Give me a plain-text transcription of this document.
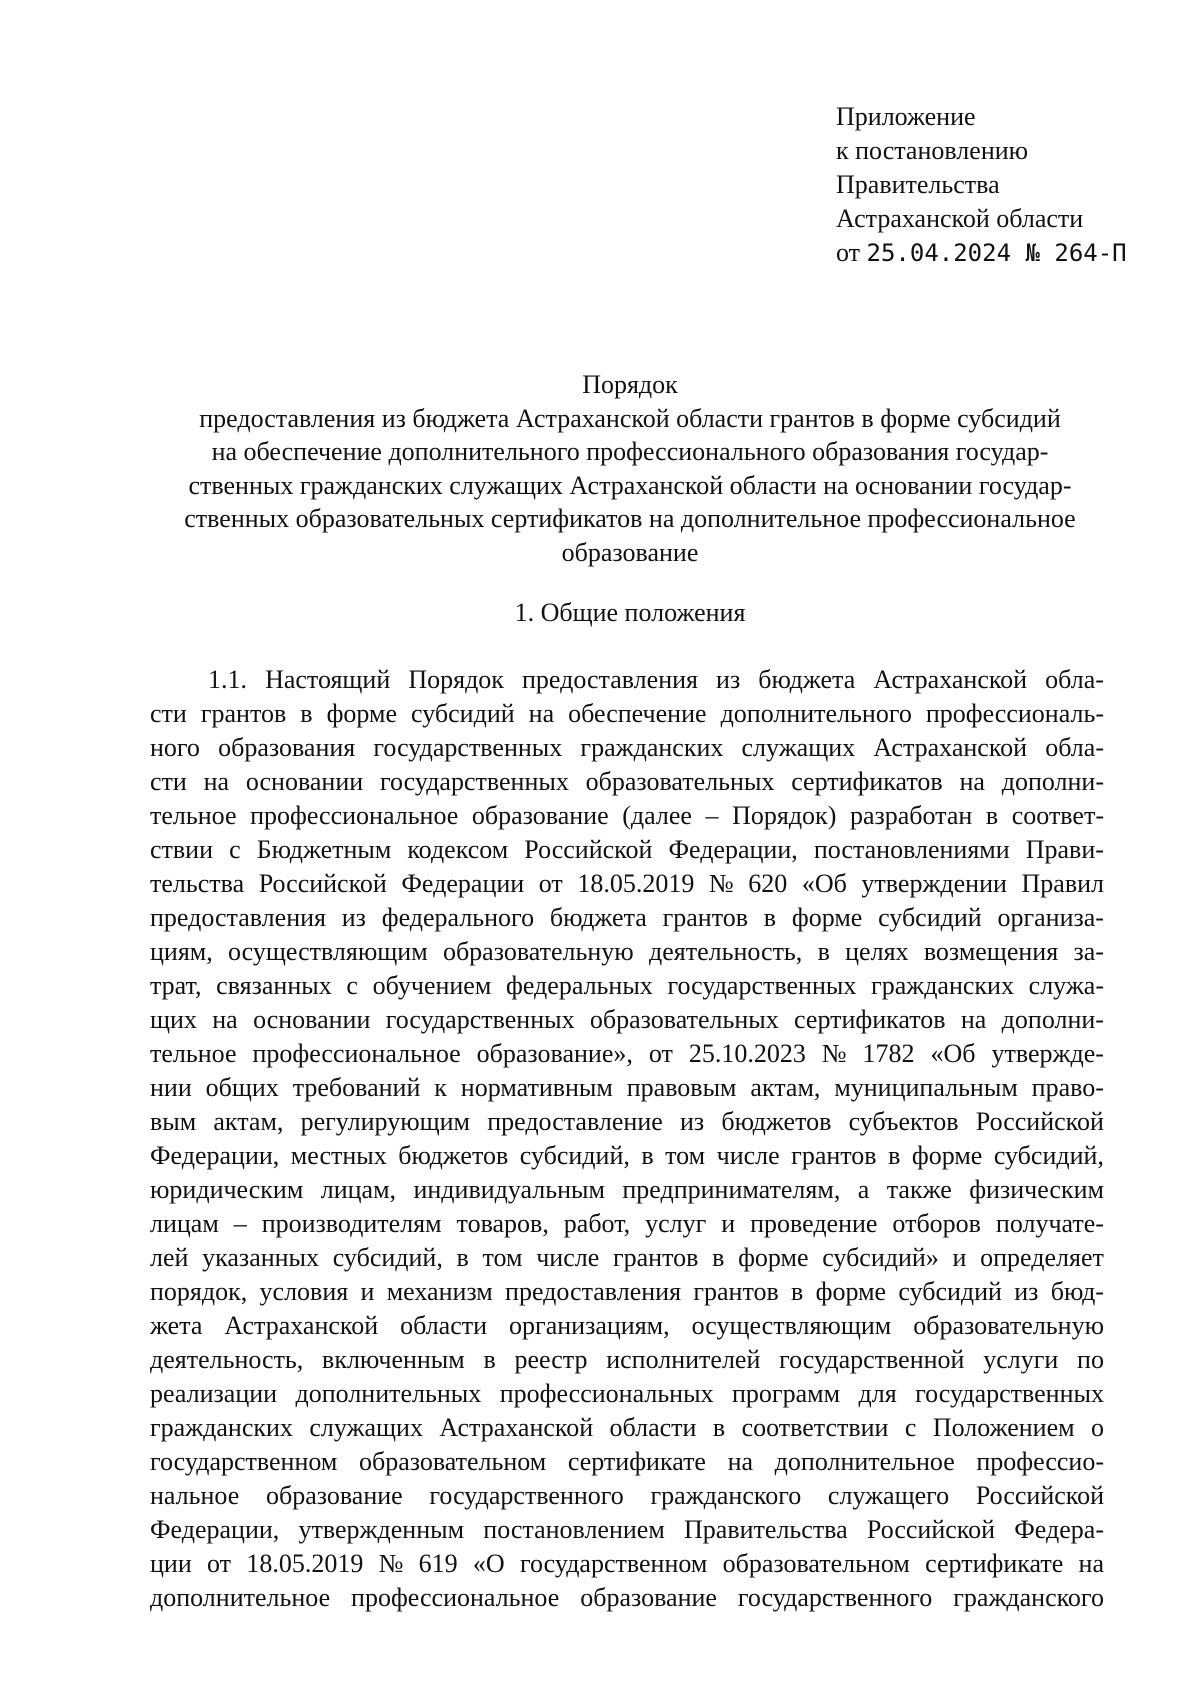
Приложение
к постановлению
Правительства
Астраханской области
от 25.04.2024 № 264-П
Порядок
предоставления из бюджета Астраханской области грантов в форме субсидий
на обеспечение дополнительного профессионального образования государ-
ственных гражданских служащих Астраханской области на основании государ-
ственных образовательных сертификатов на дополнительное профессиональное
образование
1. Общие положения
1.1. Настоящий Порядок предоставления из бюджета Астраханской обла-
сти грантов в форме субсидий на обеспечение дополнительного профессиональ-
ного образования государственных гражданских служащих Астраханской обла-
сти на основании государственных образовательных сертификатов на дополни-
тельное профессиональное образование (далее – Порядок) разработан в соответ-
ствии с Бюджетным кодексом Российской Федерации, постановлениями Прави-
тельства Российской Федерации от 18.05.2019 № 620 «Об утверждении Правил
предоставления из федерального бюджета грантов в форме субсидий организа-
циям, осуществляющим образовательную деятельность, в целях возмещения за-
трат, связанных с обучением федеральных государственных гражданских служа-
щих на основании государственных образовательных сертификатов на дополни-
тельное профессиональное образование», от 25.10.2023 № 1782 «Об утвержде-
нии общих требований к нормативным правовым актам, муниципальным право-
вым актам, регулирующим предоставление из бюджетов субъектов Российской
Федерации, местных бюджетов субсидий, в том числе грантов в форме субсидий,
юридическим лицам, индивидуальным предпринимателям, а также физическим
лицам – производителям товаров, работ, услуг и проведение отборов получате-
лей указанных субсидий, в том числе грантов в форме субсидий» и определяет
порядок, условия и механизм предоставления грантов в форме субсидий из бюд-
жета Астраханской области организациям, осуществляющим образовательную
деятельность, включенным в реестр исполнителей государственной услуги по
реализации дополнительных профессиональных программ для государственных
гражданских служащих Астраханской области в соответствии с Положением о
государственном образовательном сертификате на дополнительное профессио-
нальное образование государственного гражданского служащего Российской
Федерации, утвержденным постановлением Правительства Российской Федера-
ции от 18.05.2019 № 619 «О государственном образовательном сертификате на
дополнительное профессиональное образование государственного гражданского
